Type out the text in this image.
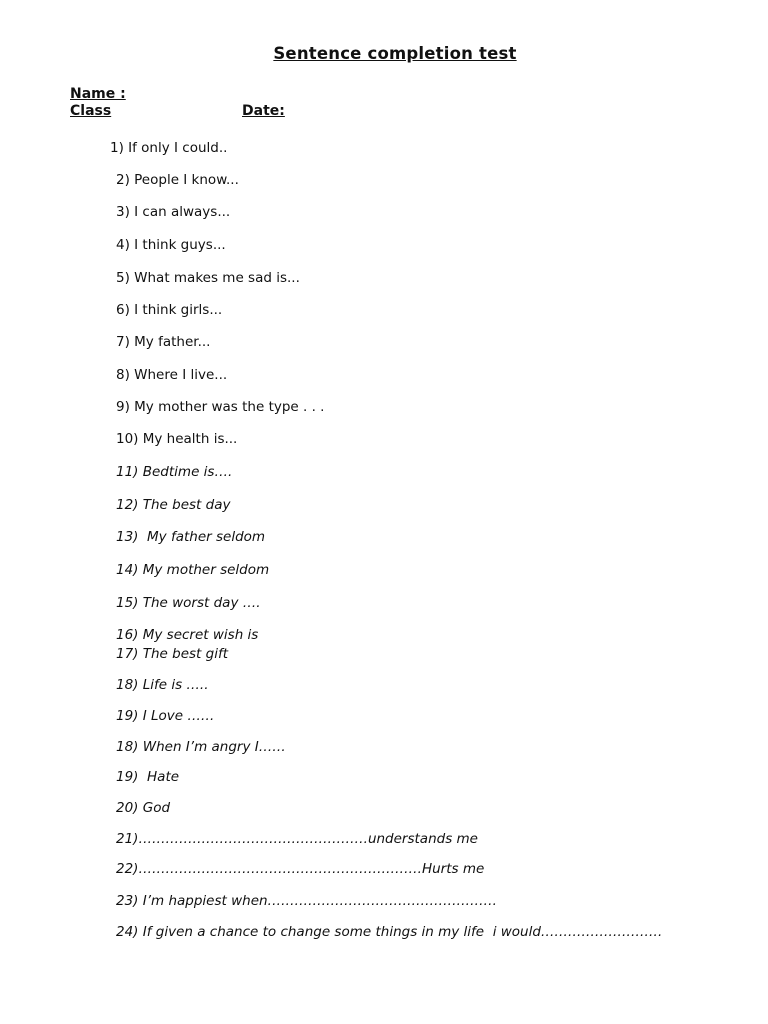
Sentence completion test
Name :
Class	Date:
1) If only I could..
2) People I know...
3) I can always...
4) I think guys...
5) What makes me sad is...
6) I think girls...
7) My father...
8) Where I live...
9) My mother was the type . . .
10) My health is...
11) Bedtime is….
12) The best day
13)  My father seldom
14) My mother seldom
15) The worst day ….
16) My secret wish is
17) The best gift
18) Life is …..
19) I Love ……
18) When I’m angry I……
19)  Hate
20) God
21)……………………………………………understands me
22)………………………………………………………Hurts me
23) I’m happiest when……………………………………………
24) If given a chance to change some things in my life  i would………………………
